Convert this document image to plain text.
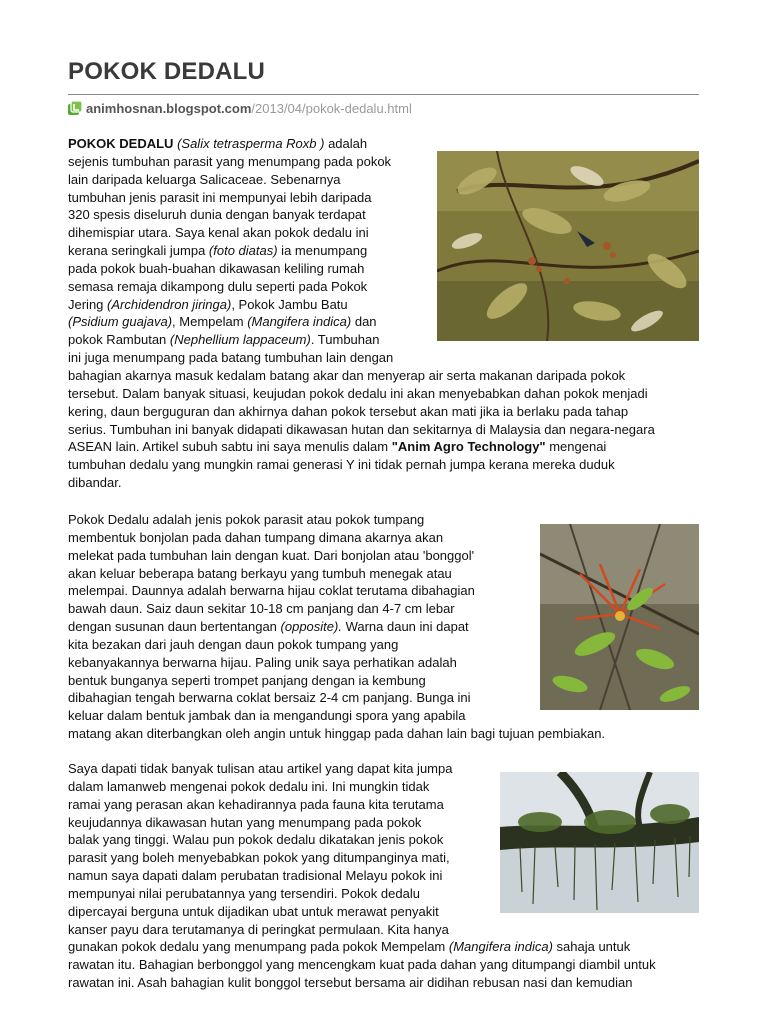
POKOK DEDALU
animhosnan.blogspot.com /2013/04/pokok-dedalu.html
POKOK DEDALU (Salix tetrasperma Roxb ) adalah
sejenis tumbuhan parasit yang menumpang pada pokok
lain daripada keluarga Salicaceae. Sebenarnya
tumbuhan jenis parasit ini mempunyai lebih daripada
320 spesis diseluruh dunia dengan banyak terdapat
dihemispiar utara. Saya kenal akan pokok dedalu ini
kerana seringkali jumpa (foto diatas) ia menumpang
pada pokok buah-buahan dikawasan keliling rumah
semasa remaja dikampong dulu seperti pada Pokok
Jering (Archidendron jiringa), Pokok Jambu Batu
(Psidium guajava), Mempelam (Mangifera indica) dan
pokok Rambutan (Nephellium lappaceum). Tumbuhan
ini juga menumpang pada batang tumbuhan lain dengan
bahagian akarnya masuk kedalam batang akar dan menyerap air serta makanan daripada pokok
tersebut. Dalam banyak situasi, keujudan pokok dedalu ini akan menyebabkan dahan pokok menjadi
kering, daun berguguran dan akhirnya dahan pokok tersebut akan mati jika ia berlaku pada tahap
serius. Tumbuhan ini banyak didapati dikawasan hutan dan sekitarnya di Malaysia dan negara-negara
ASEAN lain. Artikel subuh sabtu ini saya menulis dalam "Anim Agro Technology" mengenai
tumbuhan dedalu yang mungkin ramai generasi Y ini tidak pernah jumpa kerana mereka duduk
dibandar.
Pokok Dedalu adalah jenis pokok parasit atau pokok tumpang
membentuk bonjolan pada dahan tumpang dimana akarnya akan
melekat pada tumbuhan lain dengan kuat. Dari bonjolan atau 'bonggol'
akan keluar beberapa batang berkayu yang tumbuh menegak atau
melempai. Daunnya adalah berwarna hijau coklat terutama dibahagian
bawah daun. Saiz daun sekitar 10-18 cm panjang dan 4-7 cm lebar
dengan susunan daun bertentangan (opposite). Warna daun ini dapat
kita bezakan dari jauh dengan daun pokok tumpang yang
kebanyakannya berwarna hijau. Paling unik saya perhatikan adalah
bentuk bunganya seperti trompet panjang dengan ia kembung
dibahagian tengah berwarna coklat bersaiz 2-4 cm panjang. Bunga ini
keluar dalam bentuk jambak dan ia mengandungi spora yang apabila
matang akan diterbangkan oleh angin untuk hinggap pada dahan lain bagi tujuan pembiakan.
Saya dapati tidak banyak tulisan atau artikel yang dapat kita jumpa
dalam lamanweb mengenai pokok dedalu ini. Ini mungkin tidak
ramai yang perasan akan kehadirannya pada fauna kita terutama
keujudannya dikawasan hutan yang menumpang pada pokok
balak yang tinggi. Walau pun pokok dedalu dikatakan jenis pokok
parasit yang boleh menyebabkan pokok yang ditumpanginya mati,
namun saya dapati dalam perubatan tradisional Melayu pokok ini
mempunyai nilai perubatannya yang tersendiri. Pokok dedalu
dipercayai berguna untuk dijadikan ubat untuk merawat penyakit
kanser payu dara terutamanya di peringkat permulaan. Kita hanya
gunakan pokok dedalu yang menumpang pada pokok Mempelam (Mangifera indica) sahaja untuk
rawatan itu. Bahagian berbonggol yang mencengkam kuat pada dahan yang ditumpangi diambil untuk
rawatan ini. Asah bahagian kulit bonggol tersebut bersama air didihan rebusan nasi dan kemudian
